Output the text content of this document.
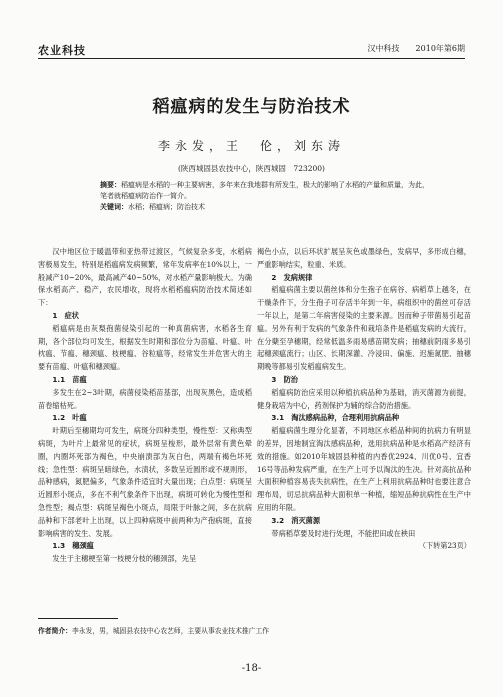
农业科技	汉中科技　　2010年第6期
稻瘟病的发生与防治技术
李永发，王　伦，刘东涛
(陕西城固县农技中心，陕西城固　723200)
摘要：稻瘟病是水稻的一种主要病害，多年来在我地群有所发生，极大的影响了水稻的产量和质量，为此，笔者就稻瘟病防治作一简介。
关键词：水稻；稻瘟病；防治技术

汉中地区位于暖温带和亚热带过渡区，气候复杂多变，水稻病害极易发生，特别是稻瘟病发病频繁，常年发病率在10%以上，一般减产10~20%，最高减产40~50%，对水稻产量影响极大。为确保水稻高产、稳产，农民增收，现将水稻稻瘟病防治技术简述如下：

1　症状

稻瘟病是由灰梨孢菌侵染引起的一种真菌病害，水稻各生育期，各个部位均可发生，根据发生时期和部位分为苗瘟、叶瘟、叶枕瘟、节瘟、穗颈瘟、枝梗瘟、谷粒瘟等，经常发生并危害大的主要有苗瘟、叶瘟和穗颈瘟。

1.1　苗瘟

多发生在2~3叶期，病菌侵染稻苗基部，出现灰黑色，造成稻苗卷缩枯死。

1.2　叶瘟

叶期后至穗期均可发生，病斑分四种类型，慢性型：又称典型病斑，为叶片上最常见的症状，病斑呈梭形，最外层常有黄色晕圈，内圈坏死部为褐色，中央崩溃部为灰白色，两端有褐色坏死线；急性型：病斑呈暗绿色，水渍状，多数呈近圆形或不规则形，品种感病，氮肥偏多，气象条件适宜时大量出现；白点型：病斑呈近圆形小斑点，多在不利气象条件下出现，病斑可转化为慢性型和急性型；褐点型：病斑呈褐色小斑点，局限于叶脉之间，多在抗病品种和下部老叶上出现，以上四种病斑中前两种为产孢病斑，直接影响病害的发生、发展。

1.3　穗颈瘟

发生于主穗梗至第一枝梗分枝的穗颈部，先呈

褐色小点，以后环状扩展呈灰色或墨绿色，发病早，多形成白穗，严重影响结实，粒重、米质。

2　发病规律

稻瘟病菌主要以菌丝体和分生孢子在病谷、病稻草上越冬，在干燥条件下，分生孢子可存活半年到一年，病组织中的菌丝可存活一年以上，是第二年病害侵染的主要来源。因而种子带菌易引起苗瘟。另外有利于发病的气象条件和栽培条件是稻瘟发病的大流行，在分蘖至孕穗期，经常低温多雨易感苗期发病；抽穗前阴雨多易引起穗颈瘟流行；山区、长期深灌、冷浸田、偏施、迟施氮肥、抽穗期晚等都易引发稻瘟病发生。

3　防治

稻瘟病防治应采用以种植抗病品种为基础，消灭菌源为前提，健身栽培为中心，药剂保护为辅的综合防治措施。

3.1　淘汰感病品种，合理利用抗病品种

稻瘟病菌生理分化显著，不同地区水稻品种间的抗病力有明显的差异，因地制宜淘汰感病品种，选用抗病品种是水稻高产经济有效的措施。如2010年城固县种植的内香优2924、川优0号、宜香16号等品种发病严重，在生产上可予以淘汰的生决。针对高抗品种大面积种植容易丧失抗病性，在生产上利用抗病品种时也要注意合理布局，切忌抗病品种大面积单一种植，缩短品种抗病性在生产中应用的年限。

3.2　消灭菌源

带病稻草要及时进行处理，不能把田或在秧田

（下转第23页）

作者简介：李永发，男，城固县农技中心农艺师，主要从事农业技术推广工作
-18-
